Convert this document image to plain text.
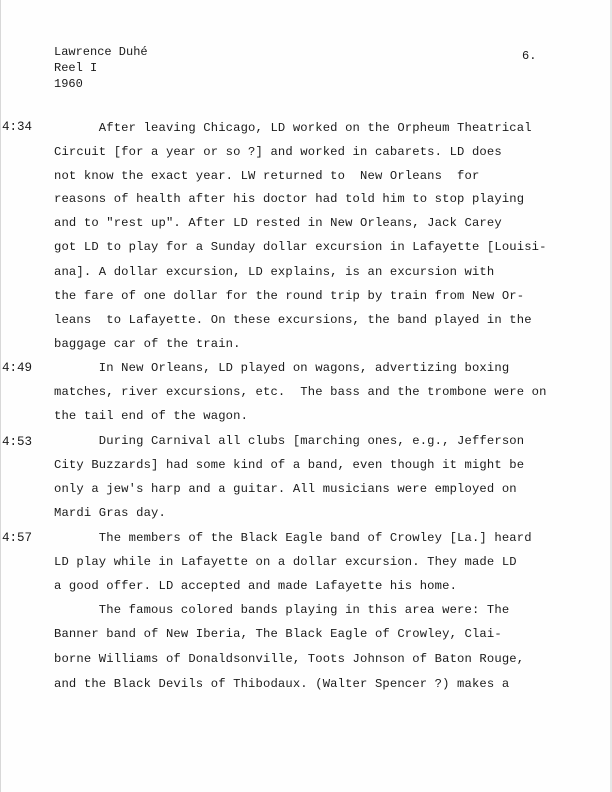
Lawrence Duhé
Reel I
1960
6.
4:34
4:49
4:53
4:57
After leaving Chicago, LD worked on the Orpheum Theatrical
Circuit [for a year or so ?] and worked in cabarets. LD does
not know the exact year. LW returned to  New Orleans  for
reasons of health after his doctor had told him to stop playing
and to "rest up". After LD rested in New Orleans, Jack Carey
got LD to play for a Sunday dollar excursion in Lafayette [Louisi-
ana]. A dollar excursion, LD explains, is an excursion with
the fare of one dollar for the round trip by train from New Or-
leans  to Lafayette. On these excursions, the band played in the
baggage car of the train.
In New Orleans, LD played on wagons, advertizing boxing
matches, river excursions, etc.  The bass and the trombone were on
the tail end of the wagon.
During Carnival all clubs [marching ones, e.g., Jefferson
City Buzzards] had some kind of a band, even though it might be
only a jew's harp and a guitar. All musicians were employed on
Mardi Gras day.
The members of the Black Eagle band of Crowley [La.] heard
LD play while in Lafayette on a dollar excursion. They made LD
a good offer. LD accepted and made Lafayette his home.
The famous colored bands playing in this area were: The
Banner band of New Iberia, The Black Eagle of Crowley, Clai-
borne Williams of Donaldsonville, Toots Johnson of Baton Rouge,
and the Black Devils of Thibodaux. (Walter Spencer ?) makes a
